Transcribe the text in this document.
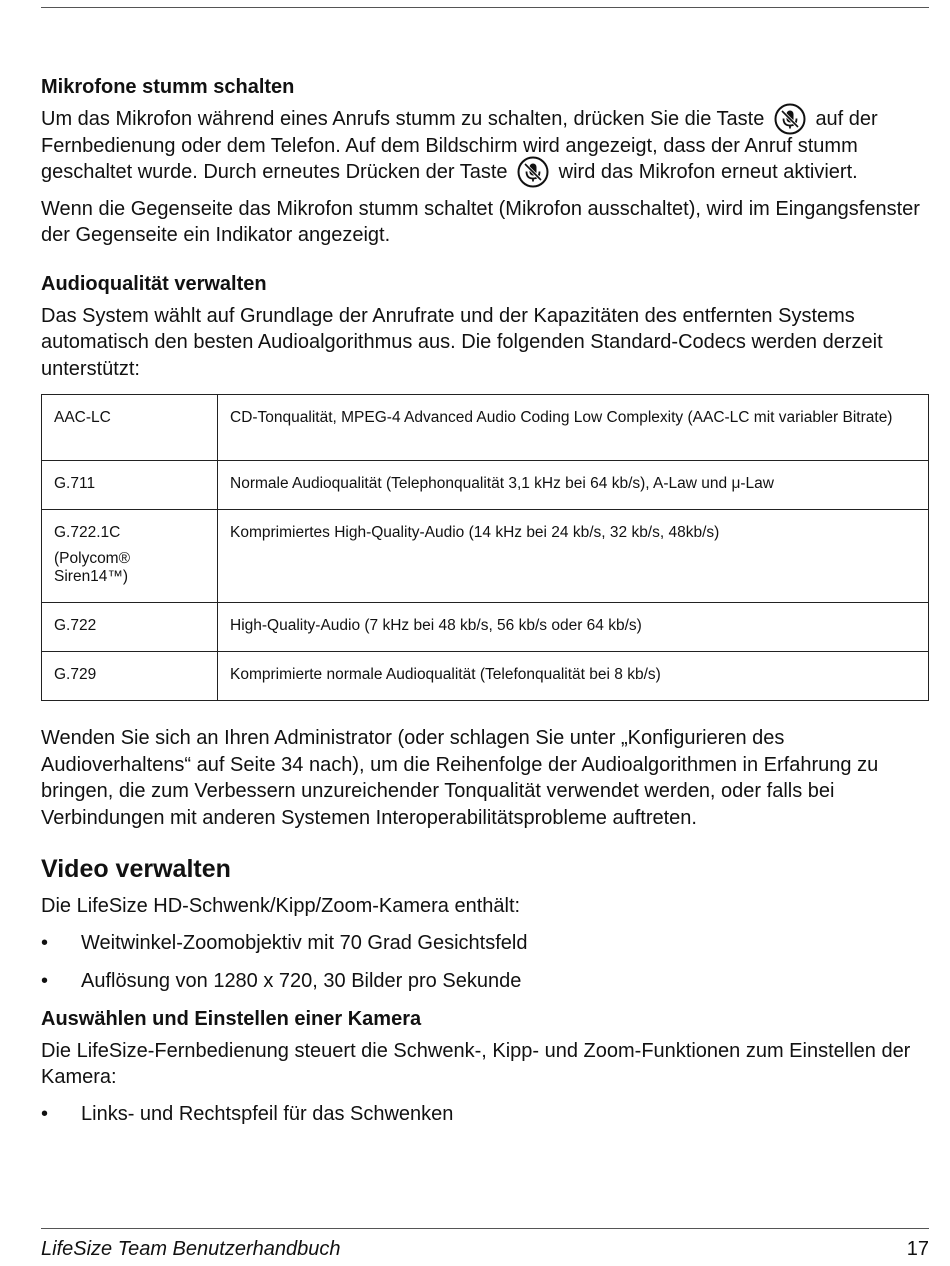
Mikrofone stumm schalten

Um das Mikrofon während eines Anrufs stumm zu schalten, drücken Sie die Taste	auf der Fernbedienung oder dem Telefon. Auf dem Bildschirm wird angezeigt, dass der Anruf stumm geschaltet wurde. Durch erneutes Drücken der Taste	wird das Mikrofon erneut aktiviert.

Wenn die Gegenseite das Mikrofon stumm schaltet (Mikrofon ausschaltet), wird im Eingangsfenster der Gegenseite ein Indikator angezeigt.

Audioqualität verwalten

Das System wählt auf Grundlage der Anrufrate und der Kapazitäten des entfernten Systems automatisch den besten Audioalgorithmus aus. Die folgenden Standard-Codecs werden derzeit unterstützt:

AAC-LC	CD-Tonqualität, MPEG-4 Advanced Audio Coding Low Complexity (AAC-LC mit variabler Bitrate)
G.711	Normale Audioqualität (Telephonqualität 3,1 kHz bei 64 kb/s), A-Law und μ-Law
G.722.1C
(Polycom® Siren14™)	Komprimiertes High-Quality-Audio (14 kHz bei 24 kb/s, 32 kb/s, 48kb/s)
G.722	High-Quality-Audio (7 kHz bei 48 kb/s, 56 kb/s oder 64 kb/s)
G.729	Komprimierte normale Audioqualität (Telefonqualität bei 8 kb/s)

Wenden Sie sich an Ihren Administrator (oder schlagen Sie unter „Konfigurieren des Audioverhaltens“ auf Seite 34 nach), um die Reihenfolge der Audioalgorithmen in Erfahrung zu bringen, die zum Verbessern unzureichender Tonqualität verwendet werden, oder falls bei Verbindungen mit anderen Systemen Interoperabilitätsprobleme auftreten.

Video verwalten

Die LifeSize HD-Schwenk/Kipp/Zoom-Kamera enthält:

• Weitwinkel-Zoomobjektiv mit 70 Grad Gesichtsfeld
• Auflösung von 1280 x 720, 30 Bilder pro Sekunde
Auswählen und Einstellen einer Kamera

Die LifeSize-Fernbedienung steuert die Schwenk-, Kipp- und Zoom-Funktionen zum Einstellen der Kamera:

• Links- und Rechtspfeil für das Schwenken
LifeSize Team Benutzerhandbuch	17
